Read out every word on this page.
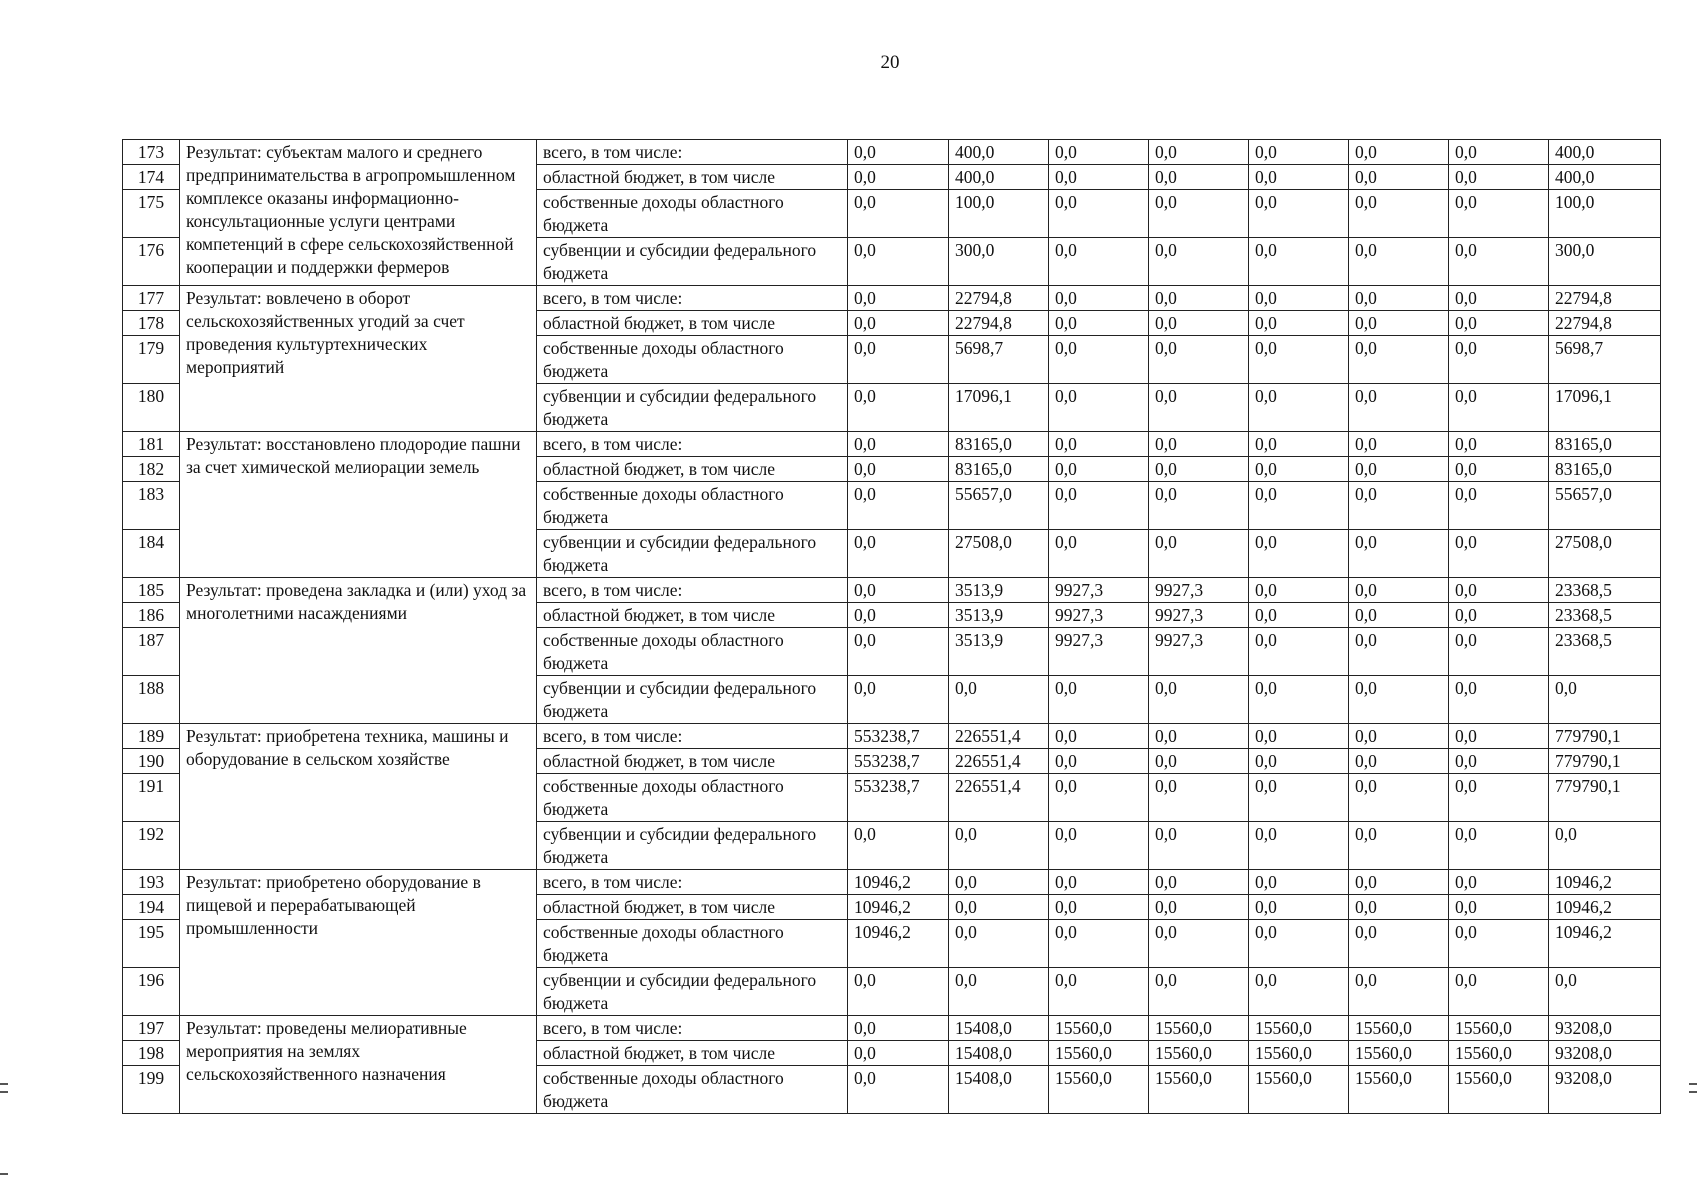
20
173	Результат: субъектам малого и среднего предпринимательства в агропромышленном комплексе оказаны информационно-консультационные услуги центрами компетенций в сфере сельскохозяйственной кооперации и поддержки фермеров	всего, в том числе:	0,0	400,0	0,0	0,0	0,0	0,0	0,0	400,0
174		областной бюджет, в том числе	0,0	400,0	0,0	0,0	0,0	0,0	0,0	400,0
175		собственные доходы областного бюджета	0,0	100,0	0,0	0,0	0,0	0,0	0,0	100,0
176		субвенции и субсидии федерального бюджета	0,0	300,0	0,0	0,0	0,0	0,0	0,0	300,0
177	Результат: вовлечено в оборот сельскохозяйственных угодий за счет проведения культуртехнических мероприятий	всего, в том числе:	0,0	22794,8	0,0	0,0	0,0	0,0	0,0	22794,8
178		областной бюджет, в том числе	0,0	22794,8	0,0	0,0	0,0	0,0	0,0	22794,8
179		собственные доходы областного бюджета	0,0	5698,7	0,0	0,0	0,0	0,0	0,0	5698,7
180		субвенции и субсидии федерального бюджета	0,0	17096,1	0,0	0,0	0,0	0,0	0,0	17096,1
181	Результат: восстановлено плодородие пашни за счет химической мелиорации земель	всего, в том числе:	0,0	83165,0	0,0	0,0	0,0	0,0	0,0	83165,0
182		областной бюджет, в том числе	0,0	83165,0	0,0	0,0	0,0	0,0	0,0	83165,0
183		собственные доходы областного бюджета	0,0	55657,0	0,0	0,0	0,0	0,0	0,0	55657,0
184		субвенции и субсидии федерального бюджета	0,0	27508,0	0,0	0,0	0,0	0,0	0,0	27508,0
185	Результат: проведена закладка и (или) уход за многолетними насаждениями	всего, в том числе:	0,0	3513,9	9927,3	9927,3	0,0	0,0	0,0	23368,5
186		областной бюджет, в том числе	0,0	3513,9	9927,3	9927,3	0,0	0,0	0,0	23368,5
187		собственные доходы областного бюджета	0,0	3513,9	9927,3	9927,3	0,0	0,0	0,0	23368,5
188		субвенции и субсидии федерального бюджета	0,0	0,0	0,0	0,0	0,0	0,0	0,0	0,0
189	Результат: приобретена техника, машины и оборудование в сельском хозяйстве	всего, в том числе:	553238,7	226551,4	0,0	0,0	0,0	0,0	0,0	779790,1
190		областной бюджет, в том числе	553238,7	226551,4	0,0	0,0	0,0	0,0	0,0	779790,1
191		собственные доходы областного бюджета	553238,7	226551,4	0,0	0,0	0,0	0,0	0,0	779790,1
192		субвенции и субсидии федерального бюджета	0,0	0,0	0,0	0,0	0,0	0,0	0,0	0,0
193	Результат: приобретено оборудование в пищевой и перерабатывающей промышленности	всего, в том числе:	10946,2	0,0	0,0	0,0	0,0	0,0	0,0	10946,2
194		областной бюджет, в том числе	10946,2	0,0	0,0	0,0	0,0	0,0	0,0	10946,2
195		собственные доходы областного бюджета	10946,2	0,0	0,0	0,0	0,0	0,0	0,0	10946,2
196		субвенции и субсидии федерального бюджета	0,0	0,0	0,0	0,0	0,0	0,0	0,0	0,0
197	Результат: проведены мелиоративные мероприятия на землях сельскохозяйственного назначения	всего, в том числе:	0,0	15408,0	15560,0	15560,0	15560,0	15560,0	15560,0	93208,0
198		областной бюджет, в том числе	0,0	15408,0	15560,0	15560,0	15560,0	15560,0	15560,0	93208,0
199		собственные доходы областного бюджета	0,0	15408,0	15560,0	15560,0	15560,0	15560,0	15560,0	93208,0
